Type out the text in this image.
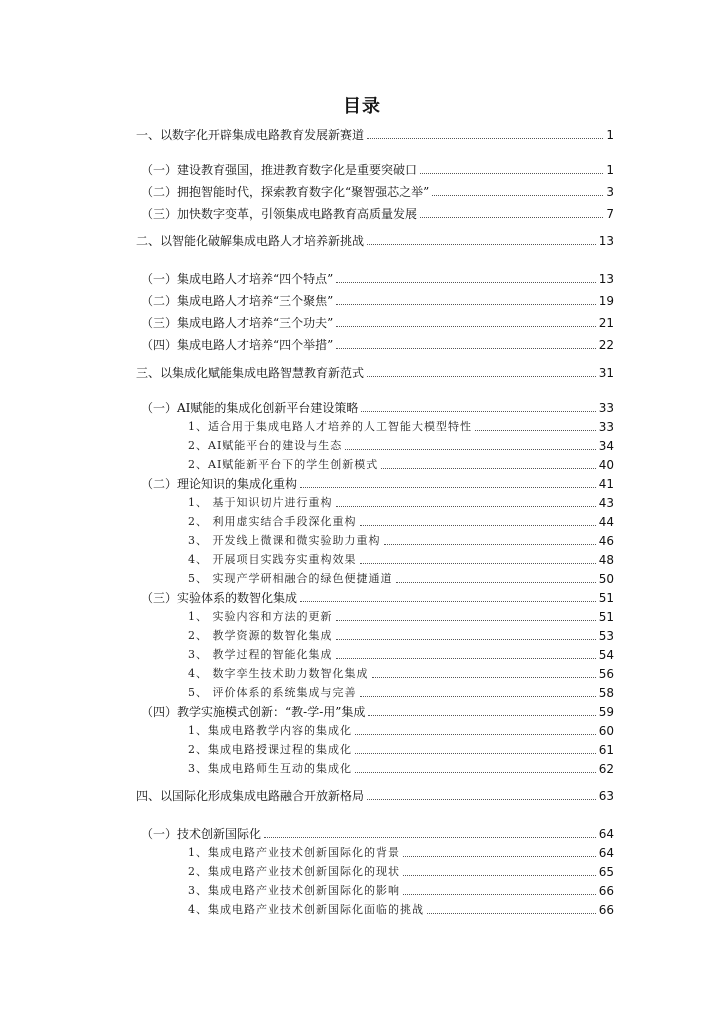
目录
一、以数字化开辟集成电路教育发展新赛道	1
（一）建设教育强国，推进教育数字化是重要突破口	1
（二）拥抱智能时代，探索教育数字化“聚智强芯之举”	3
（三）加快数字变革，引领集成电路教育高质量发展	7
二、以智能化破解集成电路人才培养新挑战	13
（一）集成电路人才培养“四个特点”	13
（二）集成电路人才培养“三个聚焦”	19
（三）集成电路人才培养“三个功夫”	21
（四）集成电路人才培养“四个举措”	22
三、以集成化赋能集成电路智慧教育新范式	31
（一）AI赋能的集成化创新平台建设策略	33
1、适合用于集成电路人才培养的人工智能大模型特性	33
2、AI赋能平台的建设与生态	34
2、AI赋能新平台下的学生创新模式	40
（二）理论知识的集成化重构	41
1、 基于知识切片进行重构	43
2、 利用虚实结合手段深化重构	44
3、 开发线上微课和微实验助力重构	46
4、 开展项目实践夯实重构效果	48
5、 实现产学研相融合的绿色便捷通道	50
（三）实验体系的数智化集成	51
1、 实验内容和方法的更新	51
2、 教学资源的数智化集成	53
3、 教学过程的智能化集成	54
4、 数字孪生技术助力数智化集成	56
5、 评价体系的系统集成与完善	58
（四）教学实施模式创新：“教-学-用”集成	59
1、集成电路教学内容的集成化	60
2、集成电路授课过程的集成化	61
3、集成电路师生互动的集成化	62
四、以国际化形成集成电路融合开放新格局	63
（一）技术创新国际化	64
1、集成电路产业技术创新国际化的背景	64
2、集成电路产业技术创新国际化的现状	65
3、集成电路产业技术创新国际化的影响	66
4、集成电路产业技术创新国际化面临的挑战	66
